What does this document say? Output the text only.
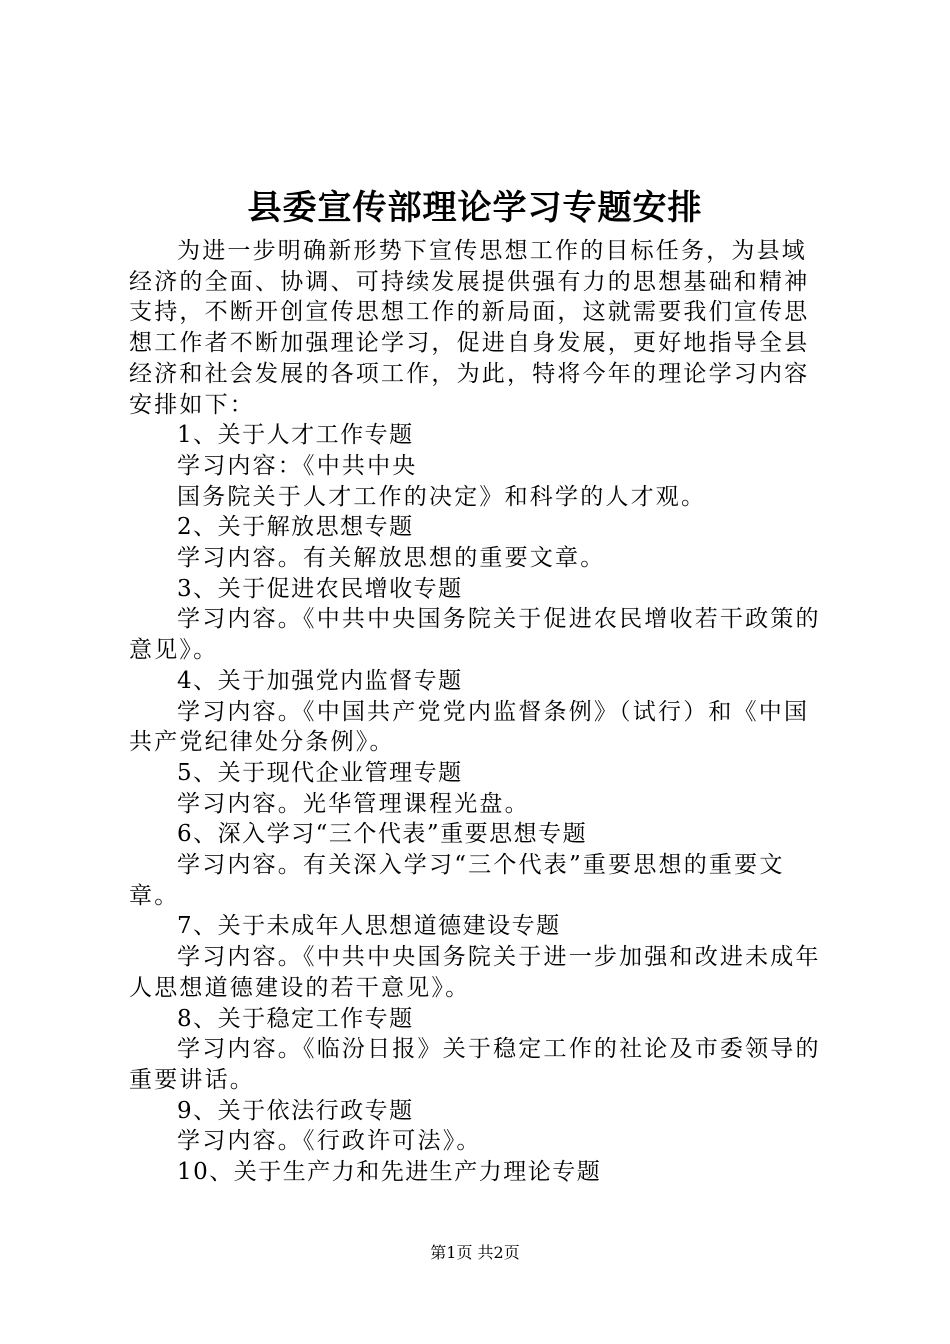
县委宣传部理论学习专题安排

为进一步明确新形势下宣传思想工作的目标任务，为县域经济的全面、协调、可持续发展提供强有力的思想基础和精神支持，不断开创宣传思想工作的新局面，这就需要我们宣传思想工作者不断加强理论学习，促进自身发展，更好地指导全县经济和社会发展的各项工作，为此，特将今年的理论学习内容安排如下：

1、关于人才工作专题

学习内容：《中共中央

国务院关于人才工作的决定》和科学的人才观。

2、关于解放思想专题

学习内容。有关解放思想的重要文章。

3、关于促进农民增收专题

学习内容。《中共中央国务院关于促进农民增收若干政策的意见》。

4、关于加强党内监督专题

学习内容。《中国共产党党内监督条例》（试行）和《中国共产党纪律处分条例》。

5、关于现代企业管理专题

学习内容。光华管理课程光盘。

6、深入学习“三个代表”重要思想专题

学习内容。有关深入学习“三个代表”重要思想的重要文章。

7、关于未成年人思想道德建设专题

学习内容。《中共中央国务院关于进一步加强和改进未成年人思想道德建设的若干意见》。

8、关于稳定工作专题

学习内容。《临汾日报》关于稳定工作的社论及市委领导的重要讲话。

9、关于依法行政专题

学习内容。《行政许可法》。

10、关于生产力和先进生产力理论专题

第1页 共2页
